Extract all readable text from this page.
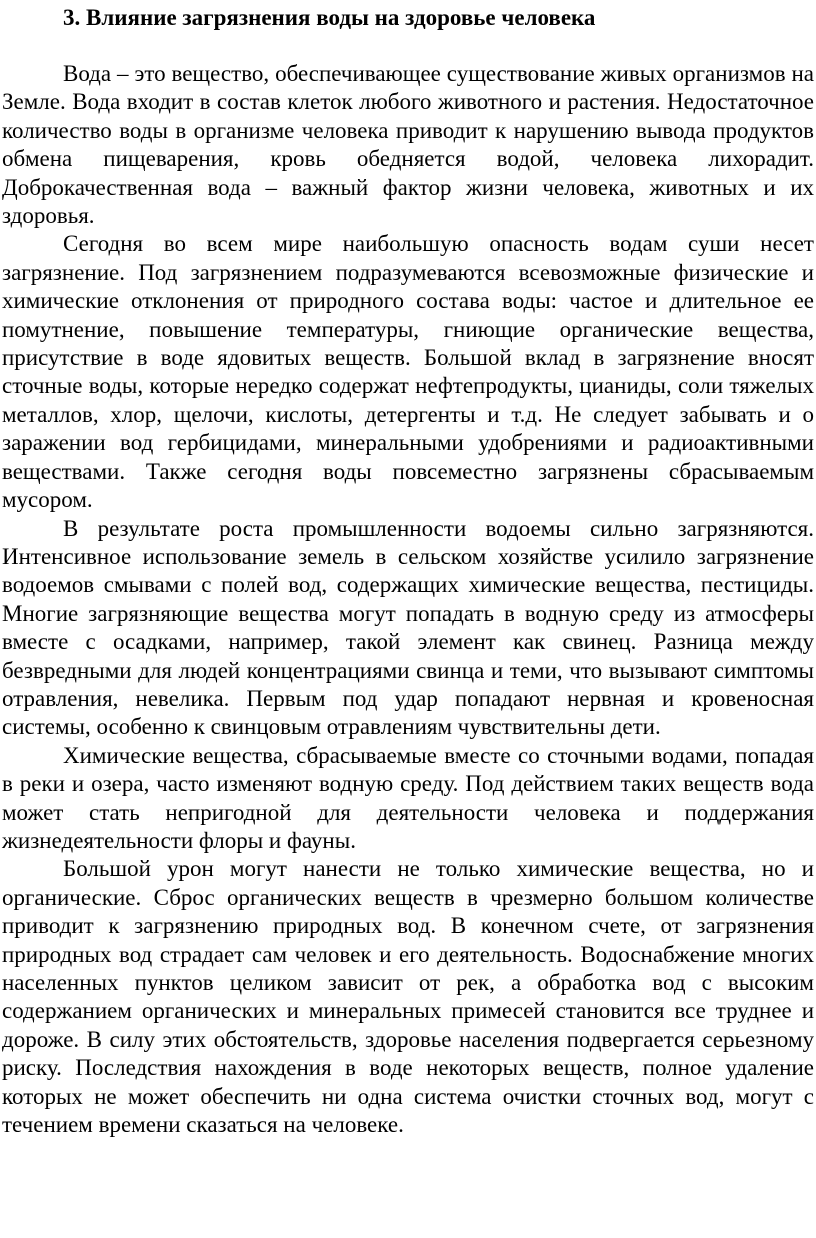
3. Влияние загрязнения воды на здоровье человека

Вода – это вещество, обеспечивающее существование живых организмов на Земле. Вода входит в состав клеток любого животного и растения. Недостаточное количество воды в организме человека приводит к нарушению вывода продуктов обмена пищеварения, кровь обедняется водой, человека лихорадит. Доброкачественная вода – важный фактор жизни человека, животных и их здоровья.

Сегодня во всем мире наибольшую опасность водам суши несет загрязнение. Под загрязнением подразумеваются всевозможные физические и химические отклонения от природного состава воды: частое и длительное ее помутнение, повышение температуры, гниющие органические вещества, присутствие в воде ядовитых веществ. Большой вклад в загрязнение вносят сточные воды, которые нередко содержат нефтепродукты, цианиды, соли тяжелых металлов, хлор, щелочи, кислоты, детергенты и т.д. Не следует забывать и о заражении вод гербицидами, минеральными удобрениями и радиоактивными веществами. Также сегодня воды повсеместно загрязнены сбрасываемым мусором.

В результате роста промышленности водоемы сильно загрязняются. Интенсивное использование земель в сельском хозяйстве усилило загрязнение водоемов смывами с полей вод, содержащих химические вещества, пестициды. Многие загрязняющие вещества могут попадать в водную среду из атмосферы вместе с осадками, например, такой элемент как свинец. Разница между безвредными для людей концентрациями свинца и теми, что вызывают симптомы отравления, невелика. Первым под удар попадают нервная и кровеносная системы, особенно к свинцовым отравлениям чувствительны дети.

Химические вещества, сбрасываемые вместе со сточными водами, попадая в реки и озера, часто изменяют водную среду. Под действием таких веществ вода может стать непригодной для деятельности человека и поддержания жизнедеятельности флоры и фауны.

Большой урон могут нанести не только химические вещества, но и органические. Сброс органических веществ в чрезмерно большом количестве приводит к загрязнению природных вод. В конечном счете, от загрязнения природных вод страдает сам человек и его деятельность. Водоснабжение многих населенных пунктов целиком зависит от рек, а обработка вод с высоким содержанием органических и минеральных примесей становится все труднее и дороже. В силу этих обстоятельств, здоровье населения подвергается серьезному риску. Последствия нахождения в воде некоторых веществ, полное удаление которых не может обеспечить ни одна система очистки сточных вод, могут с течением времени сказаться на человеке.
